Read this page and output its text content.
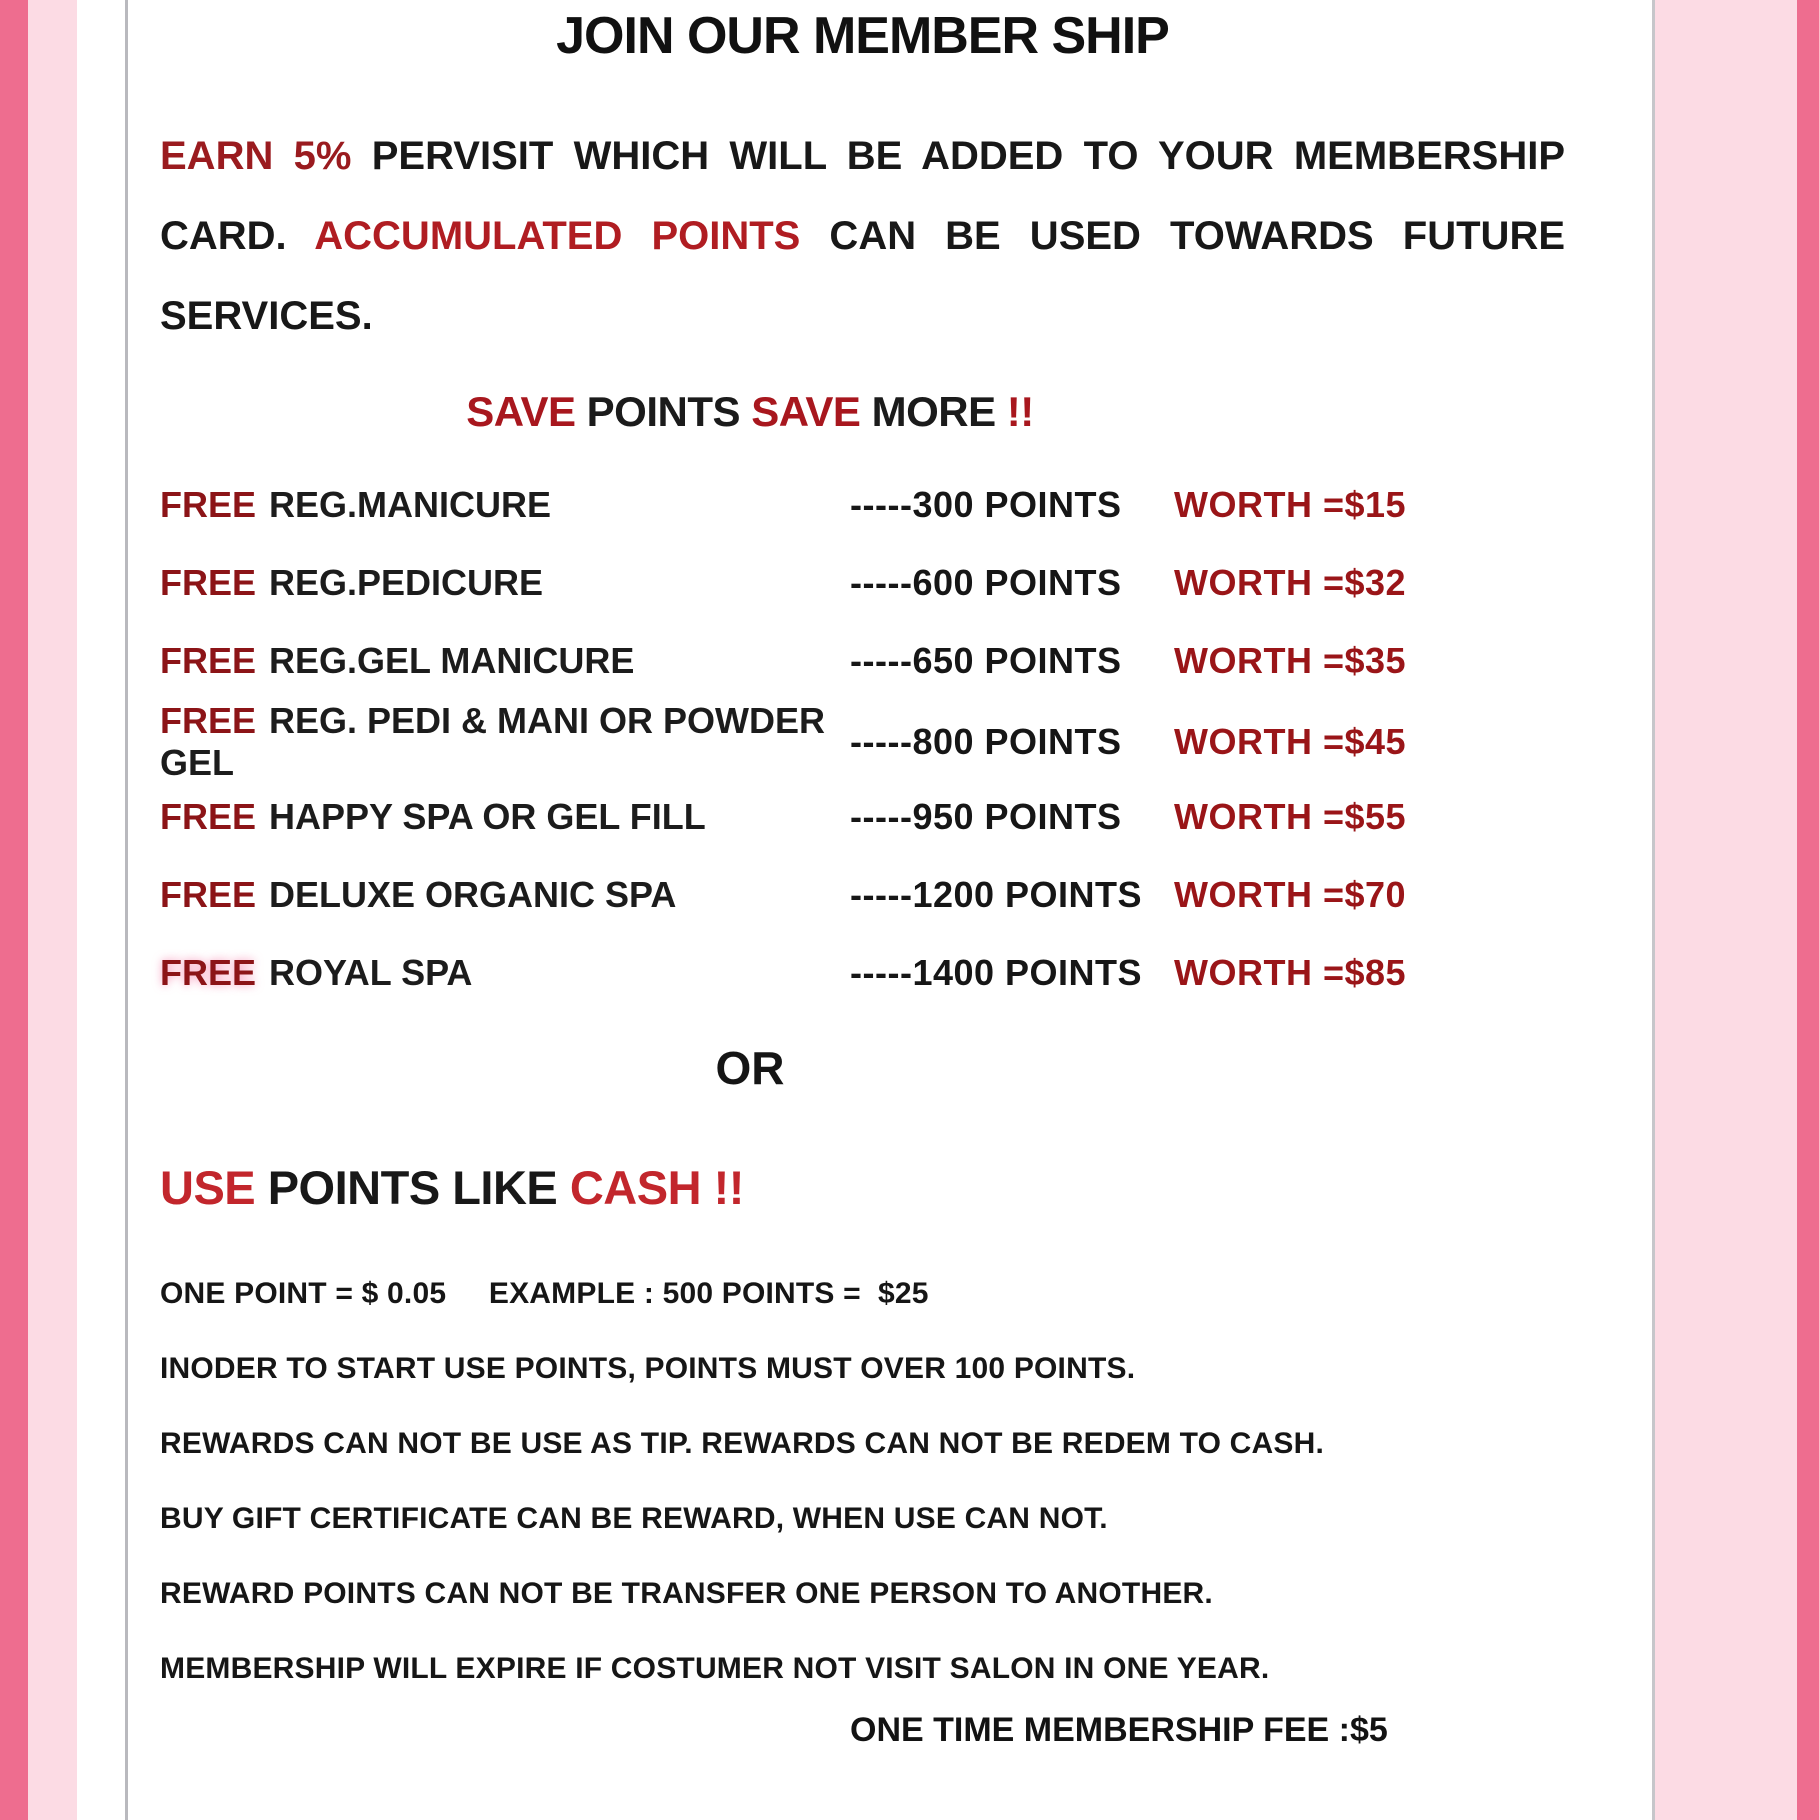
JOIN OUR MEMBER SHIP
EARN 5% PERVISIT WHICH WILL BE ADDED TO YOUR MEMBERSHIP
CARD. ACCUMULATED POINTS CAN BE USED TOWARDS FUTURE
SERVICES.
SAVE POINTS SAVE MORE !!
FREE REG.MANICURE	-----300 POINTS	WORTH =$15
FREE REG.PEDICURE	-----600 POINTS	WORTH =$32
FREE REG.GEL MANICURE	-----650 POINTS	WORTH =$35
FREE REG. PEDI & MANI OR POWDER GEL
-----800 POINTS	WORTH =$45
FREE HAPPY SPA OR GEL FILL	-----950 POINTS	WORTH =$55
FREE DELUXE ORGANIC SPA	-----1200 POINTS WORTH =$70
FREE ROYAL SPA	-----1400 POINTS WORTH =$85
OR
USE POINTS LIKE CASH !!
ONE POINT = $ 0.05     EXAMPLE : 500 POINTS =  $25
INODER TO START USE POINTS, POINTS MUST OVER 100 POINTS.
REWARDS CAN NOT BE USE AS TIP. REWARDS CAN NOT BE REDEM TO CASH.
BUY GIFT CERTIFICATE CAN BE REWARD, WHEN USE CAN NOT.
REWARD POINTS CAN NOT BE TRANSFER ONE PERSON TO ANOTHER.
MEMBERSHIP WILL EXPIRE IF COSTUMER NOT VISIT SALON IN ONE YEAR.
ONE TIME MEMBERSHIP FEE :$5
